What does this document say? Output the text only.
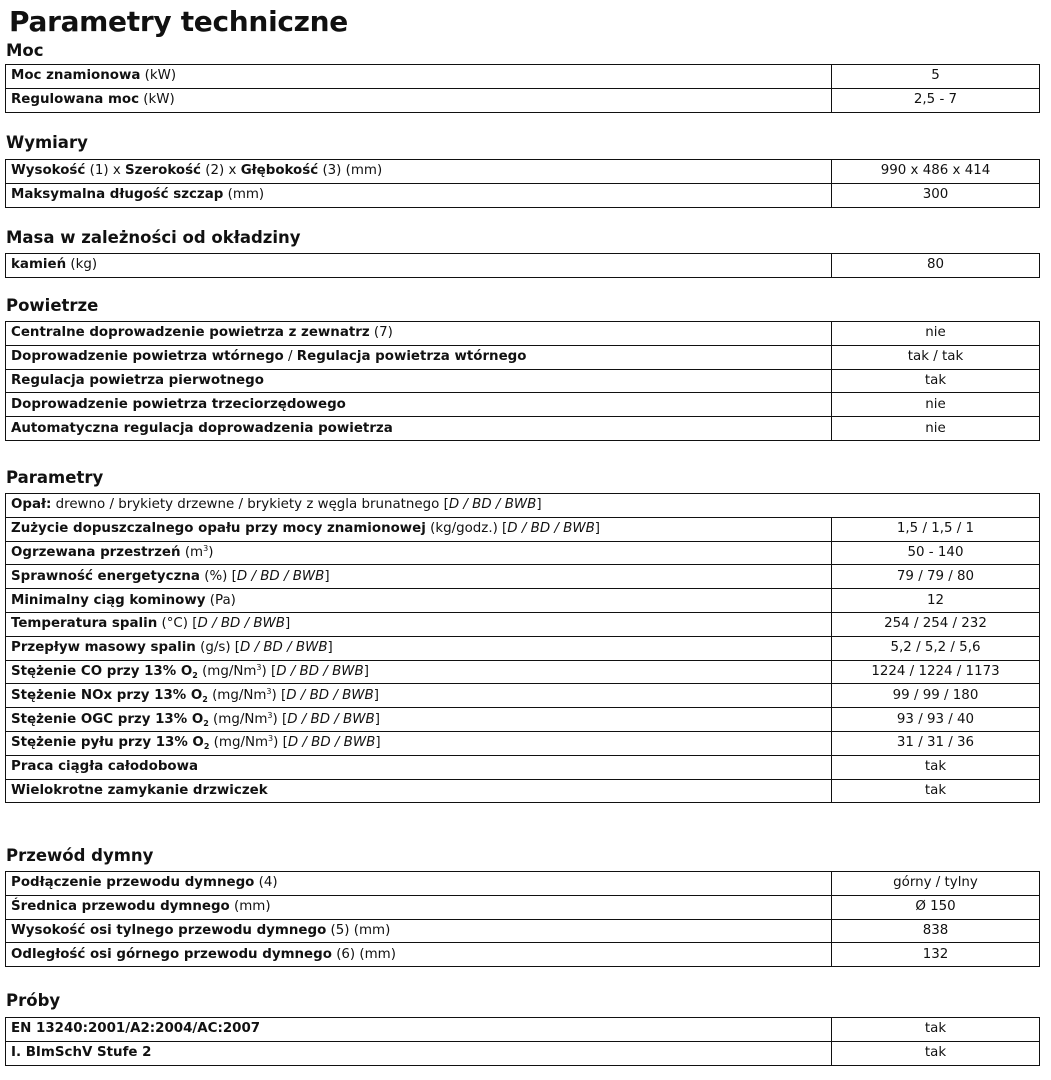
Parametry techniczne
Moc
Moc znamionowa (kW)	5
Regulowana moc (kW)	2,5 - 7
Wymiary
Wysokość (1) x Szerokość (2) x Głębokość (3) (mm)	990 x 486 x 414
Maksymalna długość szczap (mm)	300
Masa w zależności od okładziny
kamień (kg)	80
Powietrze
Centralne doprowadzenie powietrza z zewnatrz (7)	nie
Doprowadzenie powietrza wtórnego / Regulacja powietrza wtórnego	tak / tak
Regulacja powietrza pierwotnego	tak
Doprowadzenie powietrza trzeciorzędowego	nie
Automatyczna regulacja doprowadzenia powietrza	nie
Parametry
Opał: drewno / brykiety drzewne / brykiety z węgla brunatnego [D / BD / BWB]	
Zużycie dopuszczalnego opału przy mocy znamionowej (kg/godz.) [D / BD / BWB]	1,5 / 1,5 / 1
Ogrzewana przestrzeń $(m^3)$	50 - 140
Sprawność energetyczna (%) [D / BD / BWB]	79 / 79 / 80
Minimalny ciąg kominowy (Pa)	12
Temperatura spalin (°C) [D / BD / BWB]	254 / 254 / 232
Przepływ masowy spalin (g/s) [D / BD / BWB]	5,2 / 5,2 / 5,6
Stężenie CO przy 13% $O_2$ (mg/Nm$^3$) [D / BD / BWB]	1224 / 1224 / 1173
Stężenie NOx przy 13% $O_2$ (mg/Nm$^3$) [D / BD / BWB]	99 / 99 / 180
Stężenie OGC przy 13% $O_2$ (mg/Nm$^3$) [D / BD / BWB]	93 / 93 / 40
Stężenie pyłu przy 13% $O_2$ (mg/Nm$^3$) [D / BD / BWB]	31 / 31 / 36
Praca ciągła całodobowa	tak
Wielokrotne zamykanie drzwiczek	tak
Przewód dymny
Podłączenie przewodu dymnego (4)	górny / tylny
Średnica przewodu dymnego (mm)	Ø 150
Wysokość osi tylnego przewodu dymnego (5) (mm)	838
Odległość osi górnego przewodu dymnego (6) (mm)	132
Próby
EN 13240:2001/A2:2004/AC:2007	tak
I. BImSchV Stufe 2	tak
